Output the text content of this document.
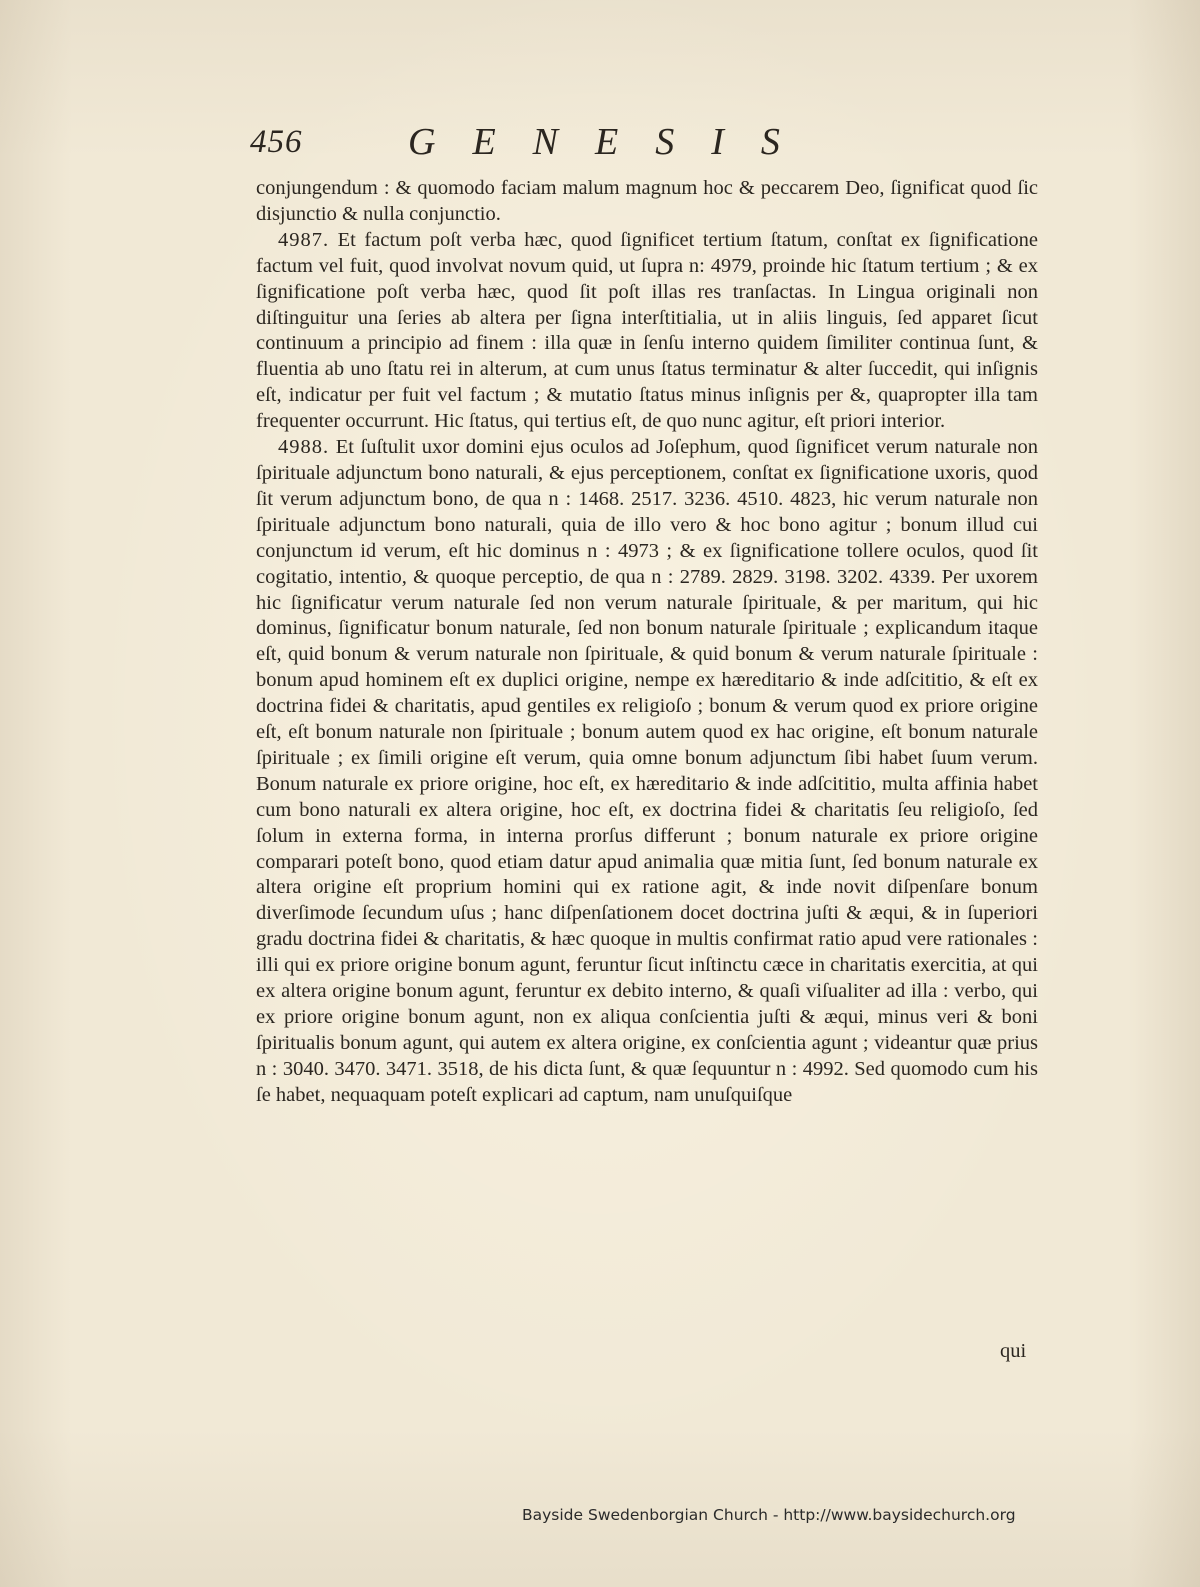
456	GENESIS

conjungendum : & quomodo faciam malum magnum hoc & peccarem Deo, ſignificat quod ſic disjunctio & nulla conjunctio.

4987. Et factum poſt verba hæc, quod ſignificet tertium ſtatum, conſtat ex ſignificatione factum vel fuit, quod involvat novum quid, ut ſupra n: 4979, proinde hic ſtatum tertium ; & ex ſignificatione poſt verba hæc, quod ſit poſt illas res tranſactas. In Lingua originali non diſtinguitur una ſeries ab altera per ſigna interſtitialia, ut in aliis linguis, ſed apparet ſicut continuum a principio ad finem : illa quæ in ſenſu interno quidem ſimiliter continua ſunt, & fluentia ab uno ſtatu rei in alterum, at cum unus ſtatus terminatur & alter ſuccedit, qui inſignis eſt, indicatur per fuit vel factum ; & mutatio ſtatus minus inſignis per &, quapropter illa tam frequenter occurrunt. Hic ſtatus, qui tertius eſt, de quo nunc agitur, eſt priori interior.

4988. Et ſuſtulit uxor domini ejus oculos ad Joſephum, quod ſignificet verum naturale non ſpirituale adjunctum bono naturali, & ejus perceptionem, conſtat ex ſignificatione uxoris, quod ſit verum adjunctum bono, de qua n : 1468. 2517. 3236. 4510. 4823, hic verum naturale non ſpirituale adjunctum bono naturali, quia de illo vero & hoc bono agitur ; bonum illud cui conjunctum id verum, eſt hic dominus n : 4973 ; & ex ſignificatione tollere oculos, quod ſit cogitatio, intentio, & quoque perceptio, de qua n : 2789. 2829. 3198. 3202. 4339. Per uxorem hic ſignificatur verum naturale ſed non verum naturale ſpirituale, & per maritum, qui hic dominus, ſignificatur bonum naturale, ſed non bonum naturale ſpirituale ; explicandum itaque eſt, quid bonum & verum naturale non ſpirituale, & quid bonum & verum naturale ſpirituale : bonum apud hominem eſt ex duplici origine, nempe ex hæreditario & inde adſcititio, & eſt ex doctrina fidei & charitatis, apud gentiles ex religioſo ; bonum & verum quod ex priore origine eſt, eſt bonum naturale non ſpirituale ; bonum autem quod ex hac origine, eſt bonum naturale ſpirituale ; ex ſimili origine eſt verum, quia omne bonum adjunctum ſibi habet ſuum verum. Bonum naturale ex priore origine, hoc eſt, ex hæreditario & inde adſcititio, multa affinia habet cum bono naturali ex altera origine, hoc eſt, ex doctrina fidei & charitatis ſeu religioſo, ſed ſolum in externa forma, in interna prorſus differunt ; bonum naturale ex priore origine comparari poteſt bono, quod etiam datur apud animalia quæ mitia ſunt, ſed bonum naturale ex altera origine eſt proprium homini qui ex ratione agit, & inde novit diſpenſare bonum diverſimode ſecundum uſus ; hanc diſpenſationem docet doctrina juſti & æqui, & in ſuperiori gradu doctrina fidei & charitatis, & hæc quoque in multis confirmat ratio apud vere rationales : illi qui ex priore origine bonum agunt, feruntur ſicut inſtinctu cæce in charitatis exercitia, at qui ex altera origine bonum agunt, feruntur ex debito interno, & quaſi viſualiter ad illa : verbo, qui ex priore origine bonum agunt, non ex aliqua conſcientia juſti & æqui, minus veri & boni ſpiritualis bonum agunt, qui autem ex altera origine, ex conſcientia agunt ; videantur quæ prius n : 3040. 3470. 3471. 3518, de his dicta ſunt, & quæ ſequuntur n : 4992. Sed quomodo cum his ſe habet, nequaquam poteſt explicari ad captum, nam unuſquiſque

qui
Bayside Swedenborgian Church - http://www.baysidechurch.org
